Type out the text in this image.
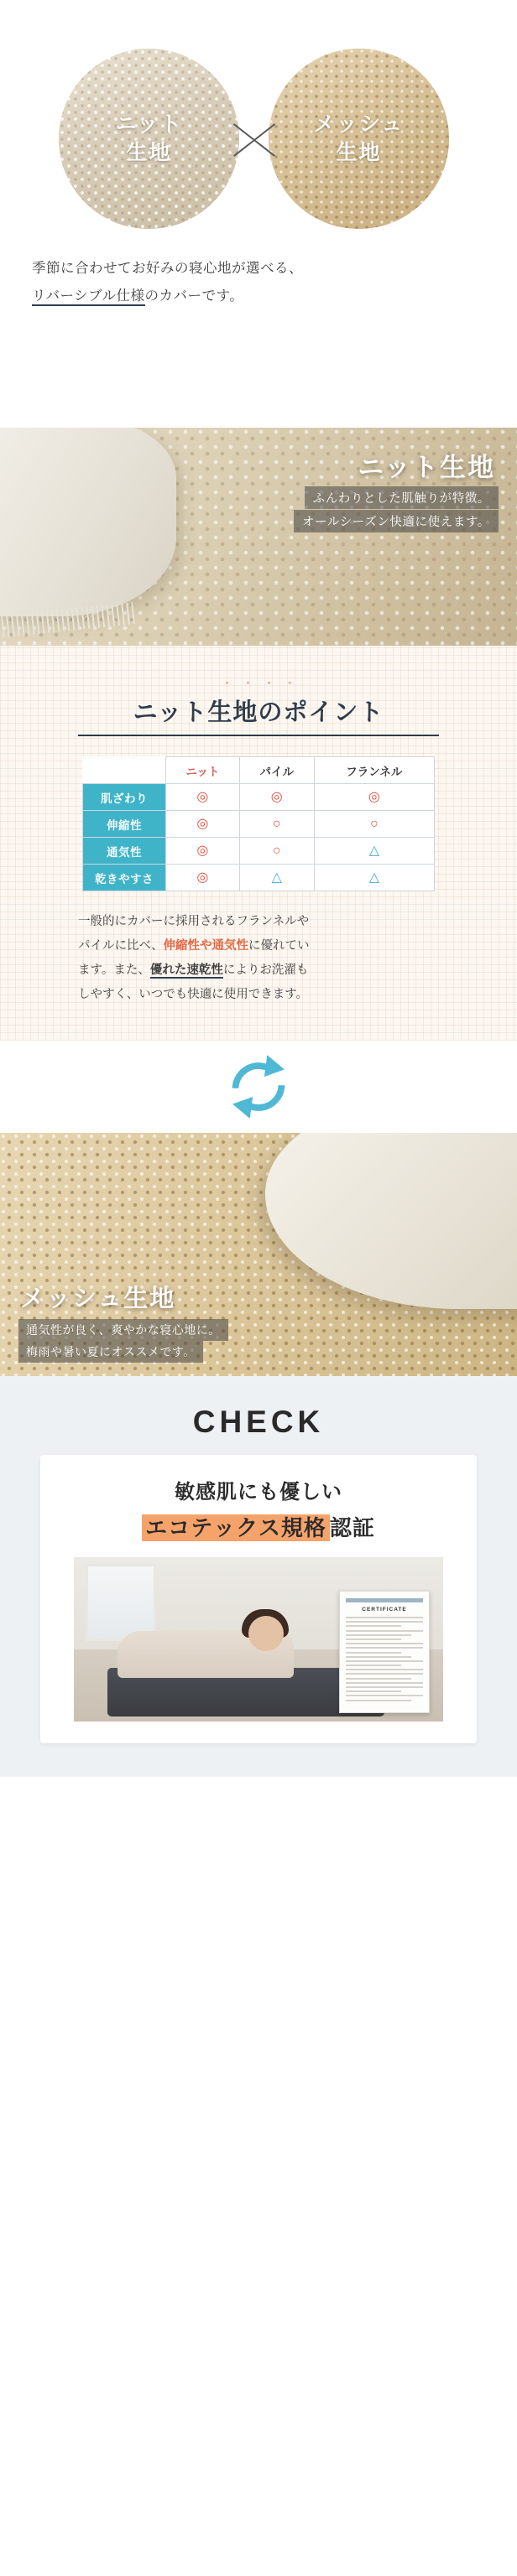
ニット
生地
メッシュ
生地
季節に合わせてお好みの寝心地が選べる、
リバーシブル仕様のカバーです。
ニット生地
ふんわりとした肌触りが特徴。
オールシーズン快適に使えます。
・・・・
ニット生地のポイント
	ニット	パイル	フランネル
肌ざわり	◎	◎	◎
伸縮性	◎	○	○
通気性	◎	○	△
乾きやすさ	◎	△	△
一般的にカバーに採用されるフランネルや
パイルに比べ、伸縮性や通気性に優れてい
ます。また、優れた速乾性によりお洗濯も
しやすく、いつでも快適に使用できます。
メッシュ生地
通気性が良く、爽やかな寝心地に。
梅雨や暑い夏にオススメです。
CHECK
敏感肌にも優しい
エコテックス規格 認証
CERTIFICATE
